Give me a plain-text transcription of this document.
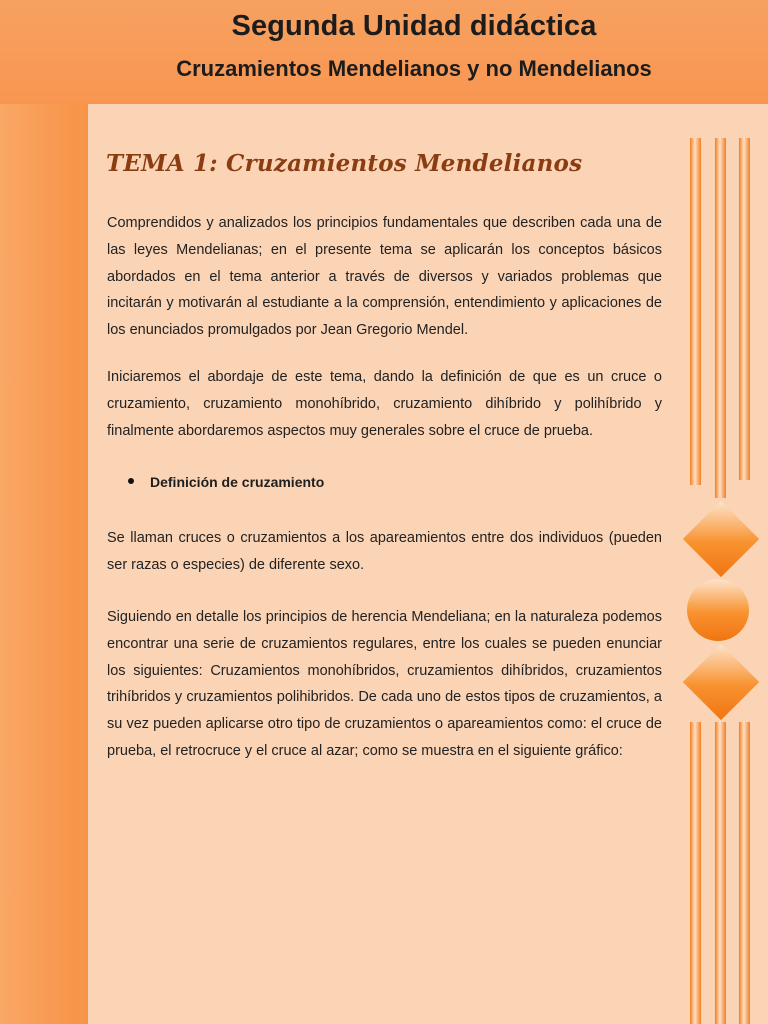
Segunda Unidad didáctica
Cruzamientos Mendelianos y no Mendelianos
TEMA 1: Cruzamientos Mendelianos

Comprendidos y analizados los principios fundamentales que describen cada una de las leyes Mendelianas; en el presente tema se aplicarán los conceptos básicos abordados en el tema anterior a través de diversos y variados problemas que incitarán y motivarán al estudiante a la comprensión, entendimiento y aplicaciones de los enunciados promulgados por Jean Gregorio Mendel.

Iniciaremos el abordaje de este tema, dando la definición de que es un cruce o cruzamiento, cruzamiento monohíbrido, cruzamiento dihíbrido y polihíbrido y finalmente abordaremos aspectos muy generales sobre el cruce de prueba.

Definición de cruzamiento

Se llaman cruces o cruzamientos a los apareamientos entre dos individuos (pueden ser razas o especies) de diferente sexo.

Siguiendo en detalle los principios de herencia Mendeliana; en la naturaleza podemos encontrar una serie de cruzamientos regulares, entre los cuales se pueden enunciar los siguientes: Cruzamientos monohíbridos, cruzamientos dihíbridos, cruzamientos trihíbridos y cruzamientos polihibridos. De cada uno de estos tipos de cruzamientos, a su vez pueden aplicarse otro tipo de cruzamientos o apareamientos como: el cruce de prueba, el retrocruce y el cruce al azar; como se muestra en el siguiente gráfico:
